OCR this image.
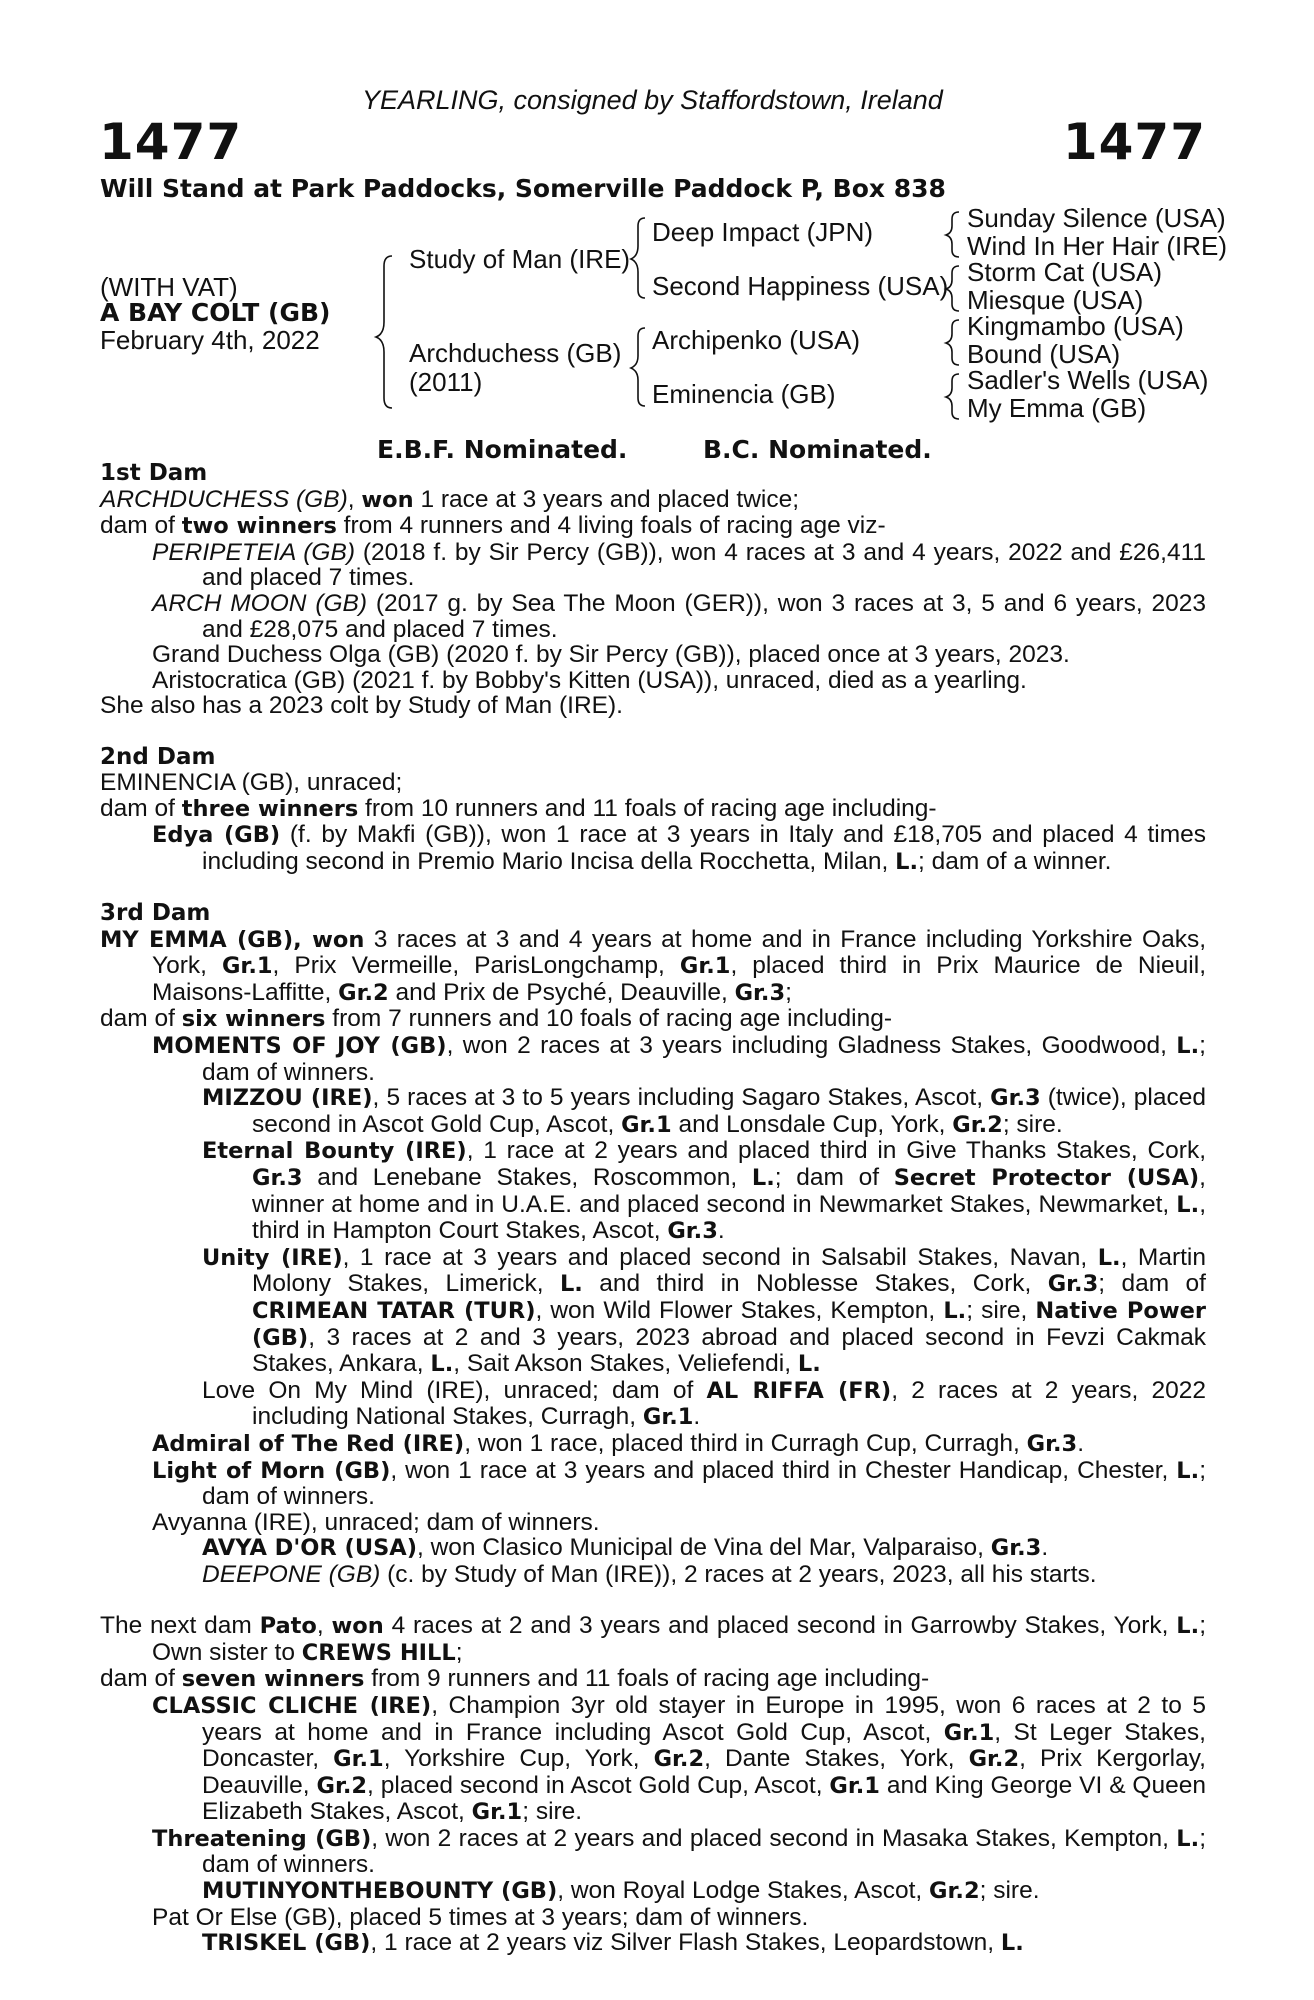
YEARLING, consigned by Staffordstown, Ireland
1477	1477
Will Stand at Park Paddocks, Somerville Paddock P, Box 838
(WITH VAT)
A BAY COLT (GB)
February 4th, 2022
Study of Man (IRE)
Archduchess (GB)
(2011)
Deep Impact (JPN)
Second Happiness (USA)
Archipenko (USA)
Eminencia (GB)
Sunday Silence (USA)
Wind In Her Hair (IRE)
Storm Cat (USA)
Miesque (USA)
Kingmambo (USA)
Bound (USA)
Sadler's Wells (USA)
My Emma (GB)
E.B.F. Nominated.	B.C. Nominated.

1st Dam

ARCHDUCHESS (GB), won 1 race at 3 years and placed twice;

dam of two winners from 4 runners and 4 living foals of racing age viz-

PERIPETEIA (GB) (2018 f. by Sir Percy (GB)), won 4 races at 3 and 4 years, 2022 and £26,411 and placed 7 times.

ARCH MOON (GB) (2017 g. by Sea The Moon (GER)), won 3 races at 3, 5 and 6 years, 2023 and £28,075 and placed 7 times.

Grand Duchess Olga (GB) (2020 f. by Sir Percy (GB)), placed once at 3 years, 2023.

Aristocratica (GB) (2021 f. by Bobby's Kitten (USA)), unraced, died as a yearling.

She also has a 2023 colt by Study of Man (IRE).

2nd Dam

EMINENCIA (GB), unraced;

dam of three winners from 10 runners and 11 foals of racing age including-

Edya (GB) (f. by Makfi (GB)), won 1 race at 3 years in Italy and £18,705 and placed 4 times including second in Premio Mario Incisa della Rocchetta, Milan, L.; dam of a winner.

3rd Dam

MY EMMA (GB), won 3 races at 3 and 4 years at home and in France including Yorkshire Oaks, York, Gr.1, Prix Vermeille, ParisLongchamp, Gr.1, placed third in Prix Maurice de Nieuil, Maisons-Laffitte, Gr.2 and Prix de Psyché, Deauville, Gr.3;

dam of six winners from 7 runners and 10 foals of racing age including-

MOMENTS OF JOY (GB), won 2 races at 3 years including Gladness Stakes, Goodwood, L.; dam of winners.

MIZZOU (IRE), 5 races at 3 to 5 years including Sagaro Stakes, Ascot, Gr.3 (twice), placed second in Ascot Gold Cup, Ascot, Gr.1 and Lonsdale Cup, York, Gr.2; sire.

Eternal Bounty (IRE), 1 race at 2 years and placed third in Give Thanks Stakes, Cork, Gr.3 and Lenebane Stakes, Roscommon, L.; dam of Secret Protector (USA), winner at home and in U.A.E. and placed second in Newmarket Stakes, Newmarket, L., third in Hampton Court Stakes, Ascot, Gr.3.

Unity (IRE), 1 race at 3 years and placed second in Salsabil Stakes, Navan, L., Martin Molony Stakes, Limerick, L. and third in Noblesse Stakes, Cork, Gr.3; dam of CRIMEAN TATAR (TUR), won Wild Flower Stakes, Kempton, L.; sire, Native Power (GB), 3 races at 2 and 3 years, 2023 abroad and placed second in Fevzi Cakmak Stakes, Ankara, L., Sait Akson Stakes, Veliefendi, L.

Love On My Mind (IRE), unraced; dam of AL RIFFA (FR), 2 races at 2 years, 2022 including National Stakes, Curragh, Gr.1.

Admiral of The Red (IRE), won 1 race, placed third in Curragh Cup, Curragh, Gr.3.

Light of Morn (GB), won 1 race at 3 years and placed third in Chester Handicap, Chester, L.; dam of winners.

Avyanna (IRE), unraced; dam of winners.

AVYA D'OR (USA), won Clasico Municipal de Vina del Mar, Valparaiso, Gr.3.

DEEPONE (GB) (c. by Study of Man (IRE)), 2 races at 2 years, 2023, all his starts.

The next dam Pato, won 4 races at 2 and 3 years and placed second in Garrowby Stakes, York, L.; Own sister to CREWS HILL;

dam of seven winners from 9 runners and 11 foals of racing age including-

CLASSIC CLICHE (IRE), Champion 3yr old stayer in Europe in 1995, won 6 races at 2 to 5 years at home and in France including Ascot Gold Cup, Ascot, Gr.1, St Leger Stakes, Doncaster, Gr.1, Yorkshire Cup, York, Gr.2, Dante Stakes, York, Gr.2, Prix Kergorlay, Deauville, Gr.2, placed second in Ascot Gold Cup, Ascot, Gr.1 and King George VI & Queen Elizabeth Stakes, Ascot, Gr.1; sire.

Threatening (GB), won 2 races at 2 years and placed second in Masaka Stakes, Kempton, L.; dam of winners.

MUTINYONTHEBOUNTY (GB), won Royal Lodge Stakes, Ascot, Gr.2; sire.

Pat Or Else (GB), placed 5 times at 3 years; dam of winners.

TRISKEL (GB), 1 race at 2 years viz Silver Flash Stakes, Leopardstown, L.
